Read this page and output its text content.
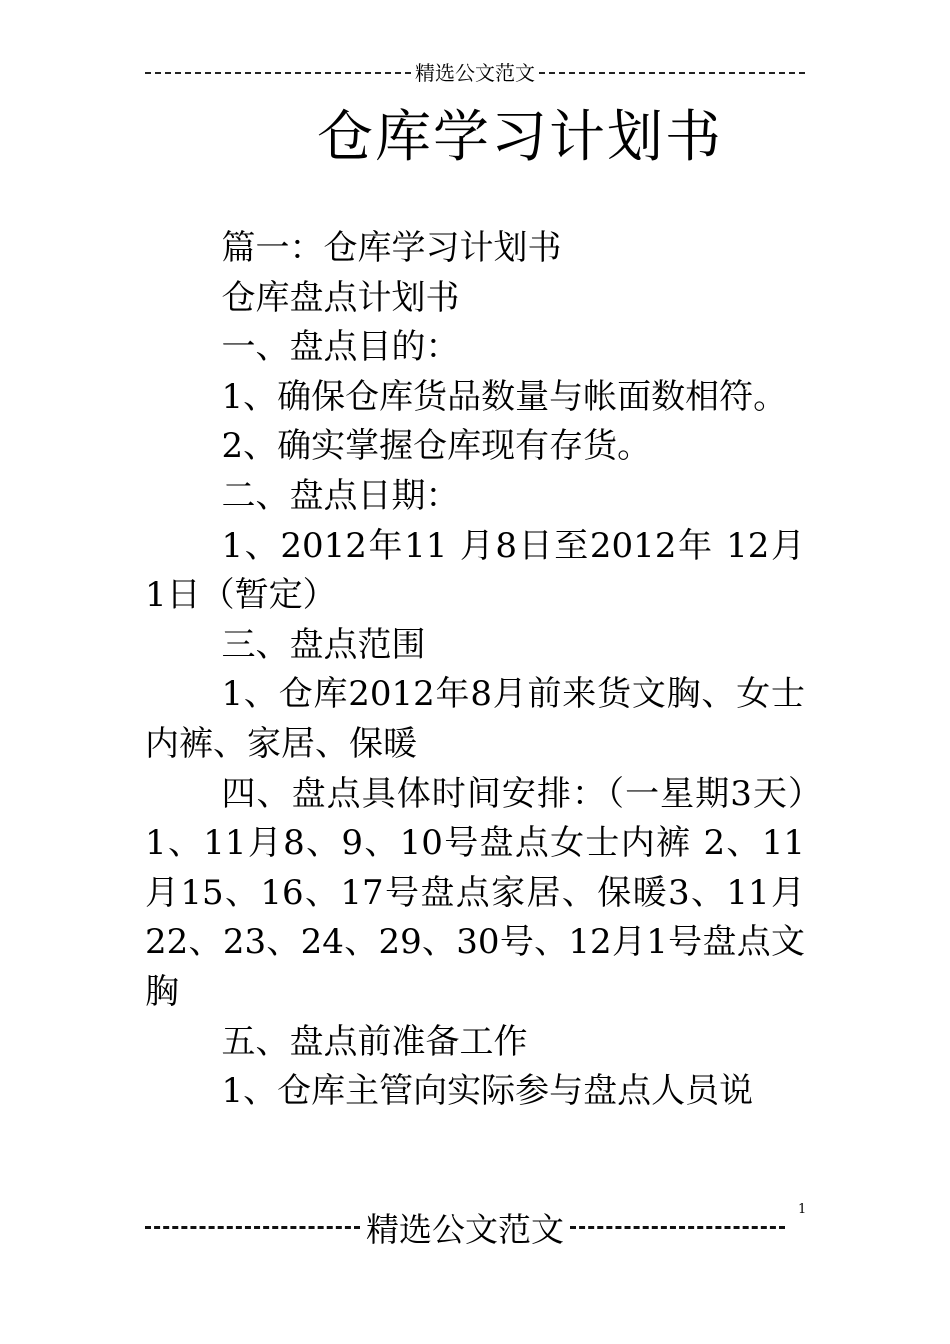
精选公文范文
仓库学习计划书

篇一：仓库学习计划书

仓库盘点计划书

一、盘点目的：

1、确保仓库货品数量与帐面数相符。

2、确实掌握仓库现有存货。

二、盘点日期：

1、2012年11 月8日至2012年 12月1日（暂定）

三、盘点范围

1、仓库2012年8月前来货文胸、女士内裤、家居、保暖

四、盘点具体时间安排：（一星期3天）　1、11月8、9、10号盘点女士内裤 2、11月15、16、17号盘点家居、保暖3、11月22、23、24、29、30号、12月1号盘点文胸

五、盘点前准备工作

1、仓库主管向实际参与盘点人员说

精选公文范文	1
